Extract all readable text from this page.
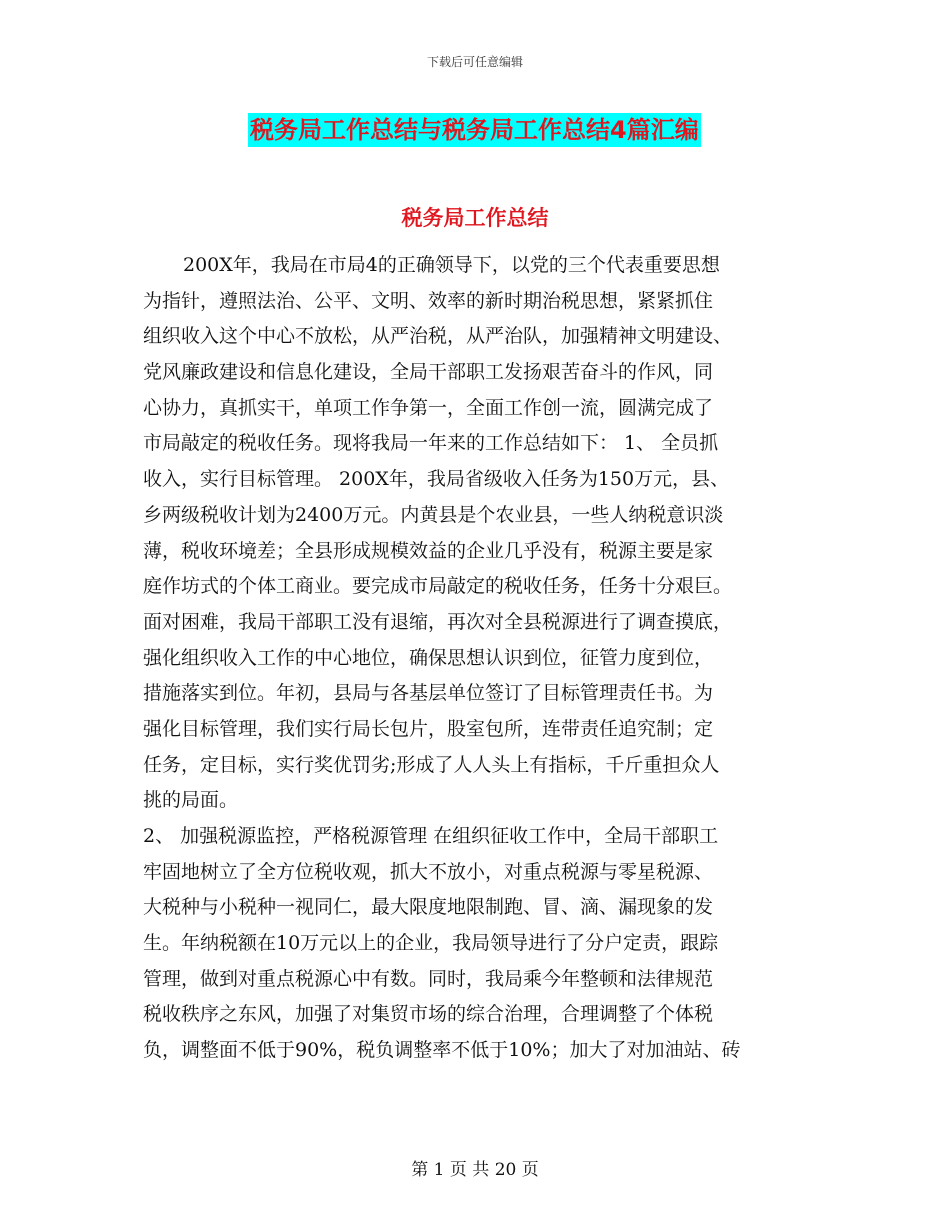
下载后可任意编辑
税务局工作总结与税务局工作总结4篇汇编
税务局工作总结
200X年，我局在市局4的正确领导下，以党的三个代表重要思想
为指针，遵照法治、公平、文明、效率的新时期治税思想，紧紧抓住
组织收入这个中心不放松，从严治税，从严治队，加强精神文明建设、
党风廉政建设和信息化建设，全局干部职工发扬艰苦奋斗的作风，同
心协力，真抓实干，单项工作争第一，全面工作创一流，圆满完成了
市局敲定的税收任务。现将我局一年来的工作总结如下： 1、 全员抓
收入，实行目标管理。 200X年，我局省级收入任务为150万元，县、
乡两级税收计划为2400万元。内黄县是个农业县，一些人纳税意识淡
薄，税收环境差；全县形成规模效益的企业几乎没有，税源主要是家
庭作坊式的个体工商业。要完成市局敲定的税收任务，任务十分艰巨。
面对困难，我局干部职工没有退缩，再次对全县税源进行了调查摸底，
强化组织收入工作的中心地位，确保思想认识到位，征管力度到位，
措施落实到位。年初，县局与各基层单位签订了目标管理责任书。为
强化目标管理，我们实行局长包片，股室包所，连带责任追究制；定
任务，定目标，实行奖优罚劣;形成了人人头上有指标，千斤重担众人
挑的局面。
2、 加强税源监控，严格税源管理 在组织征收工作中，全局干部职工
牢固地树立了全方位税收观，抓大不放小，对重点税源与零星税源、
大税种与小税种一视同仁，最大限度地限制跑、冒、滴、漏现象的发
生。年纳税额在10万元以上的企业，我局领导进行了分户定责，跟踪
管理，做到对重点税源心中有数。同时，我局乘今年整顿和法律规范
税收秩序之东风，加强了对集贸市场的综合治理，合理调整了个体税
负，调整面不低于90%，税负调整率不低于10%；加大了对加油站、砖
第 1 页 共 20 页
